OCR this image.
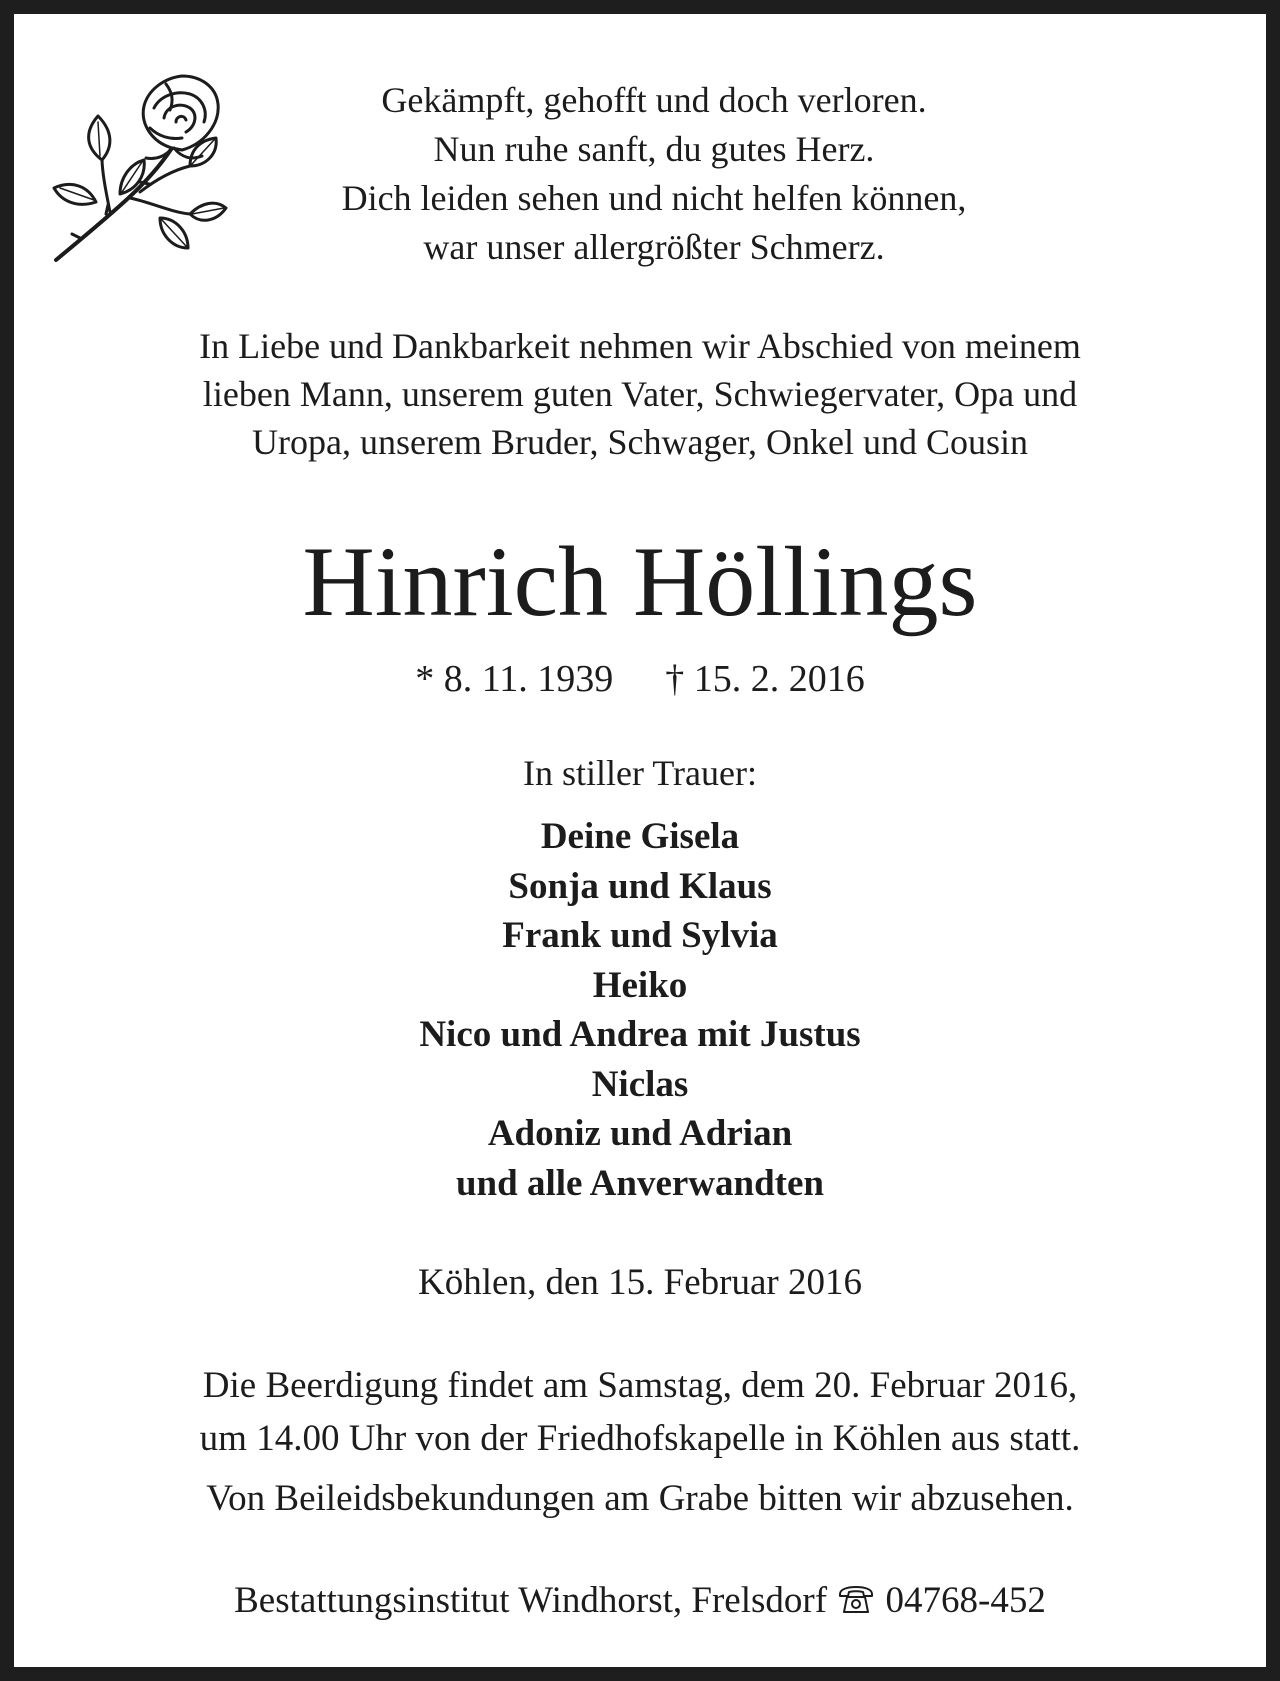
Gekämpft, gehofft und doch verloren.
Nun ruhe sanft, du gutes Herz.
Dich leiden sehen und nicht helfen können,
war unser allergrößter Schmerz.
In Liebe und Dankbarkeit nehmen wir Abschied von meinem
lieben Mann, unserem guten Vater, Schwiegervater, Opa und
Uropa, unserem Bruder, Schwager, Onkel und Cousin
Hinrich Höllings
* 8. 11. 1939 † 15. 2. 2016
In stiller Trauer:
Deine Gisela
Sonja und Klaus
Frank und Sylvia
Heiko
Nico und Andrea mit Justus
Niclas
Adoniz und Adrian
und alle Anverwandten
Köhlen, den 15. Februar 2016
Die Beerdigung findet am Samstag, dem 20. Februar 2016,
um 14.00 Uhr von der Friedhofskapelle in Köhlen aus statt.
Von Beileidsbekundungen am Grabe bitten wir abzusehen.
Bestattungsinstitut Windhorst, Frelsdorf 04768-452
